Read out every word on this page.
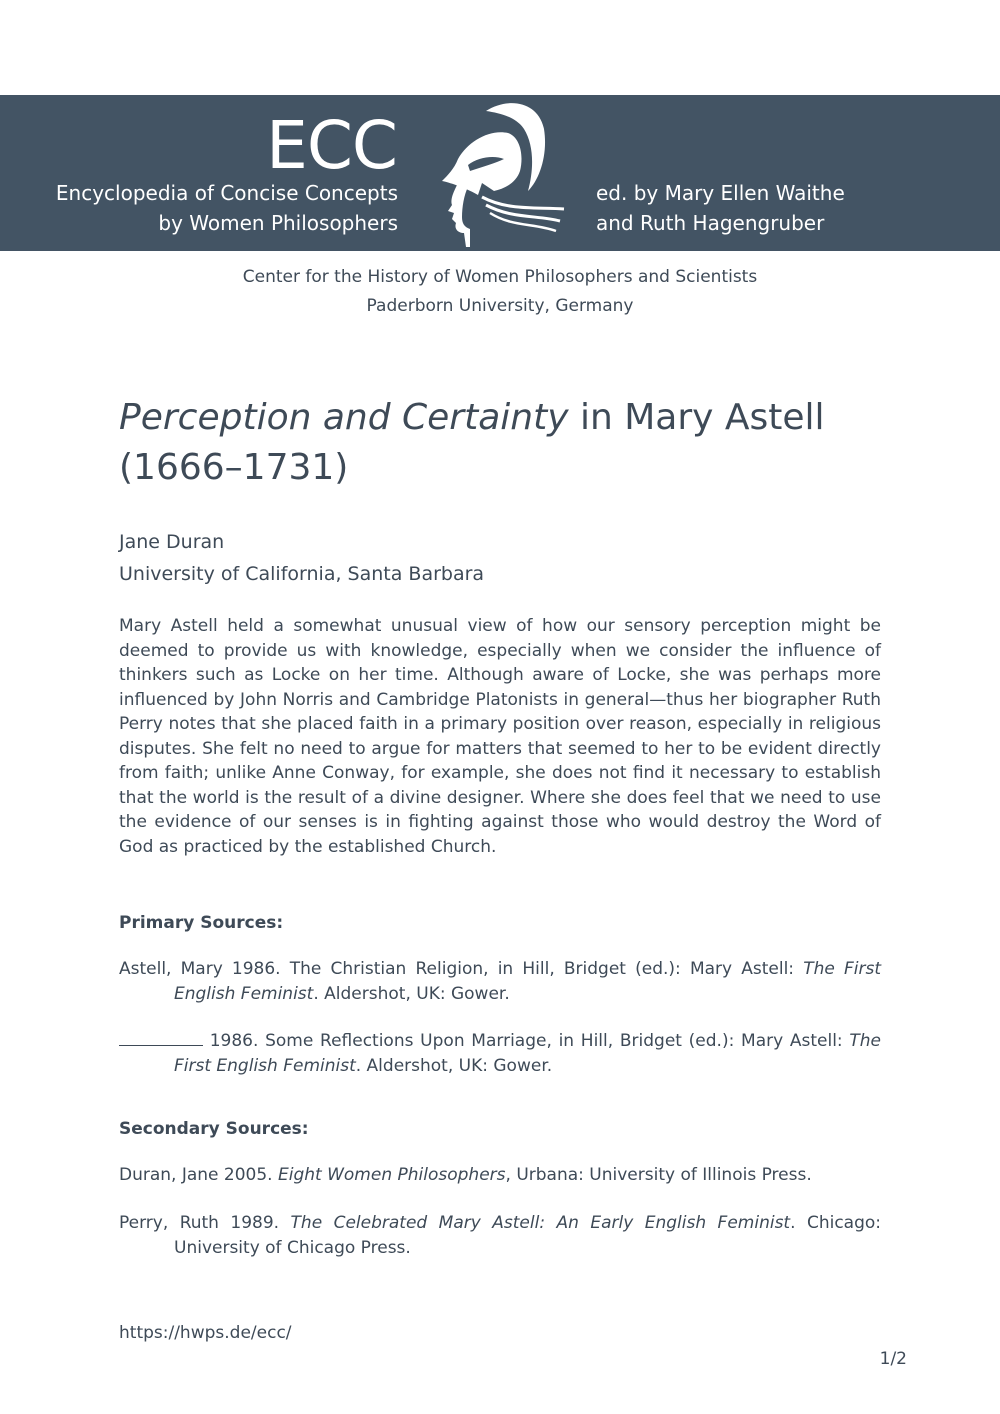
ECC
Encyclopedia of Concise Concepts
by Women Philosophers
ed. by Mary Ellen Waithe
and Ruth Hagengruber
Center for the History of Women Philosophers and Scientists
Paderborn University, Germany
Perception and Certainty in Mary Astell
(1666–1731)
Jane Duran
University of California, Santa Barbara
Mary Astell held a somewhat unusual view of how our sensory perception might be deemed to provide us with knowledge, especially when we consider the influence of thinkers such as Locke on her time. Although aware of Locke, she was perhaps more influenced by John Norris and Cambridge Platonists in general—thus her biographer Ruth Perry notes that she placed faith in a primary position over reason, especially in religious disputes. She felt no need to argue for matters that seemed to her to be evident directly from faith; unlike Anne Conway, for example, she does not find it necessary to establish that the world is the result of a divine designer. Where she does feel that we need to use the evidence of our senses is in fighting against those who would destroy the Word of God as practiced by the established Church.
Primary Sources:
Astell, Mary 1986. The Christian Religion, in Hill, Bridget (ed.): Mary Astell: The First English Feminist. Aldershot, UK: Gower.
1986. Some Reflections Upon Marriage, in Hill, Bridget (ed.): Mary Astell: The First English Feminist. Aldershot, UK: Gower.
Secondary Sources:
Duran, Jane 2005. Eight Women Philosophers, Urbana: University of Illinois Press.
Perry, Ruth 1989. The Celebrated Mary Astell: An Early English Feminist. Chicago: University of Chicago Press.
https://hwps.de/ecc/
1/2
